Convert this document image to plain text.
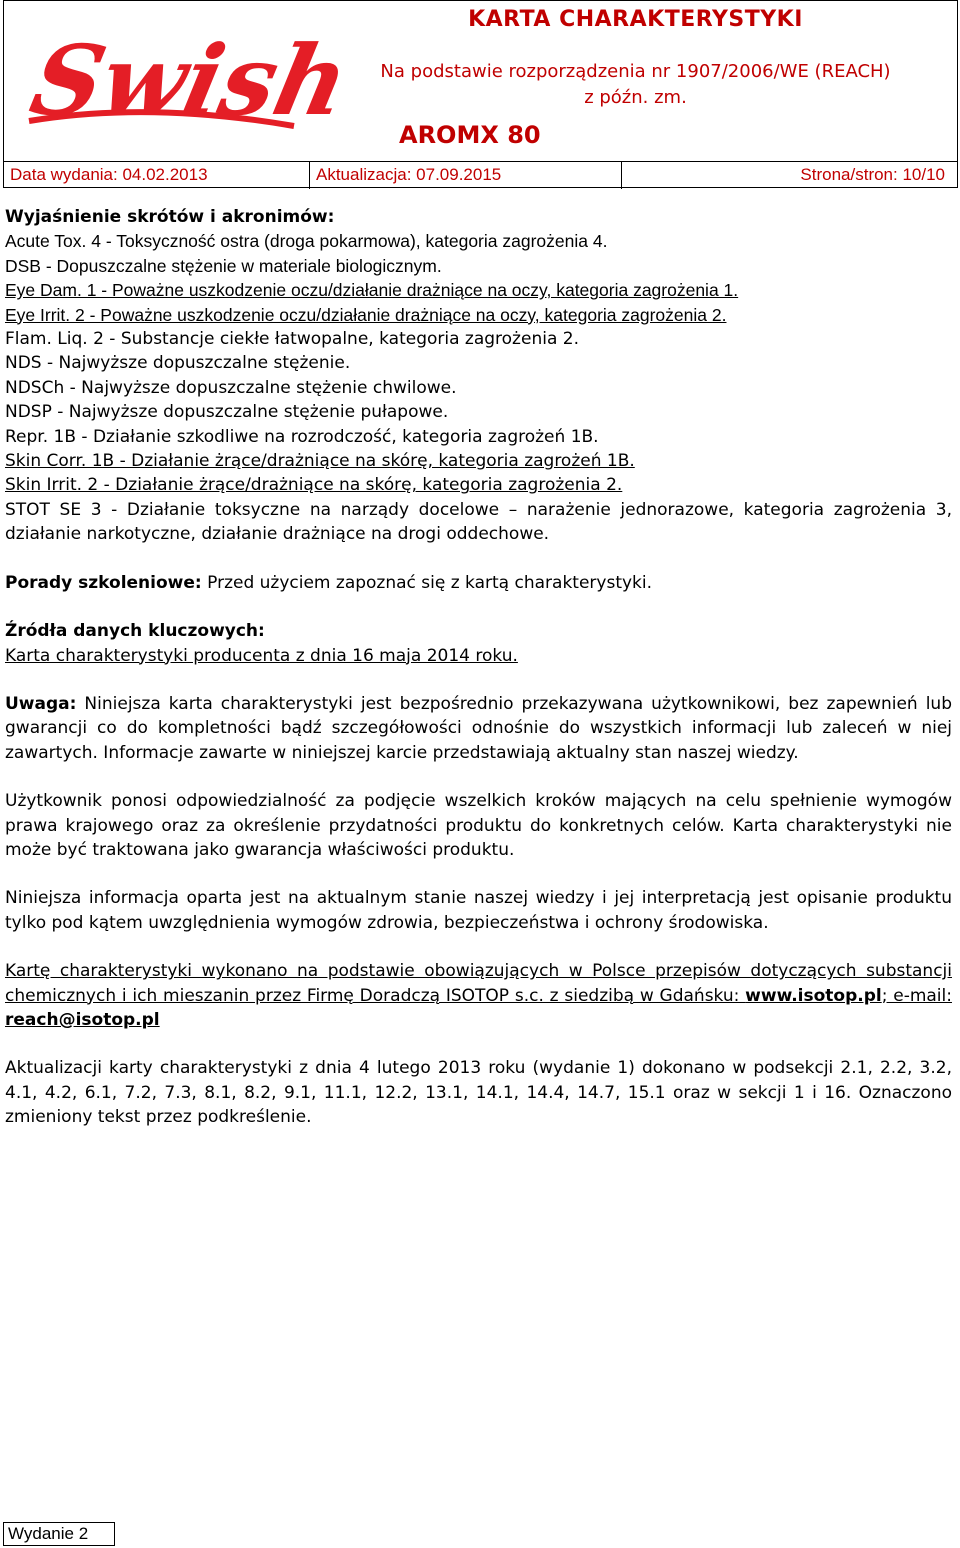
Swish
KARTA CHARAKTERYSTYKI
Na podstawie rozporządzenia nr 1907/2006/WE (REACH)
z późn. zm.
AROMX 80
Data wydania: 04.02.2013	Aktualizacja: 07.09.2015	Strona/stron: 10/10

Wyjaśnienie skrótów i akronimów:

Acute Tox. 4 - Toksyczność ostra (droga pokarmowa), kategoria zagrożenia 4.

DSB - Dopuszczalne stężenie w materiale biologicznym.

Eye Dam. 1 - Poważne uszkodzenie oczu/działanie drażniące na oczy, kategoria zagrożenia 1.

Eye Irrit. 2 - Poważne uszkodzenie oczu/działanie drażniące na oczy, kategoria zagrożenia 2.

Flam. Liq. 2 - Substancje ciekłe łatwopalne, kategoria zagrożenia 2.

NDS - Najwyższe dopuszczalne stężenie.

NDSCh - Najwyższe dopuszczalne stężenie chwilowe.

NDSP - Najwyższe dopuszczalne stężenie pułapowe.

Repr. 1B - Działanie szkodliwe na rozrodczość, kategoria zagrożeń 1B.

Skin Corr. 1B - Działanie żrące/drażniące na skórę, kategoria zagrożeń 1B.

Skin Irrit. 2 - Działanie żrące/drażniące na skórę, kategoria zagrożenia 2.

STOT SE 3 - Działanie toksyczne na narządy docelowe – narażenie jednorazowe, kategoria zagrożenia 3, działanie narkotyczne, działanie drażniące na drogi oddechowe.

Porady szkoleniowe: Przed użyciem zapoznać się z kartą charakterystyki.

Źródła danych kluczowych:

Karta charakterystyki producenta z dnia 16 maja 2014 roku.

Uwaga: Niniejsza karta charakterystyki jest bezpośrednio przekazywana użytkownikowi, bez zapewnień lub gwarancji co do kompletności bądź szczegółowości odnośnie do wszystkich informacji lub zaleceń w niej zawartych. Informacje zawarte w niniejszej karcie przedstawiają aktualny stan naszej wiedzy.

Użytkownik ponosi odpowiedzialność za podjęcie wszelkich kroków mających na celu spełnienie wymogów prawa krajowego oraz za określenie przydatności produktu do konkretnych celów. Karta charakterystyki nie może być traktowana jako gwarancja właściwości produktu.

Niniejsza informacja oparta jest na aktualnym stanie naszej wiedzy i jej interpretacją jest opisanie produktu tylko pod kątem uwzględnienia wymogów zdrowia, bezpieczeństwa i ochrony środowiska.

Kartę charakterystyki wykonano na podstawie obowiązujących w Polsce przepisów dotyczących substancji chemicznych i ich mieszanin przez Firmę Doradczą ISOTOP s.c. z siedzibą w Gdańsku: www.isotop.pl; e-mail: reach@isotop.pl

Aktualizacji karty charakterystyki z dnia 4 lutego 2013 roku (wydanie 1) dokonano w podsekcji 2.1, 2.2, 3.2, 4.1, 4.2, 6.1, 7.2, 7.3, 8.1, 8.2, 9.1, 11.1, 12.2, 13.1, 14.1, 14.4, 14.7, 15.1 oraz w sekcji 1 i 16. Oznaczono zmieniony tekst przez podkreślenie.

Wydanie 2
